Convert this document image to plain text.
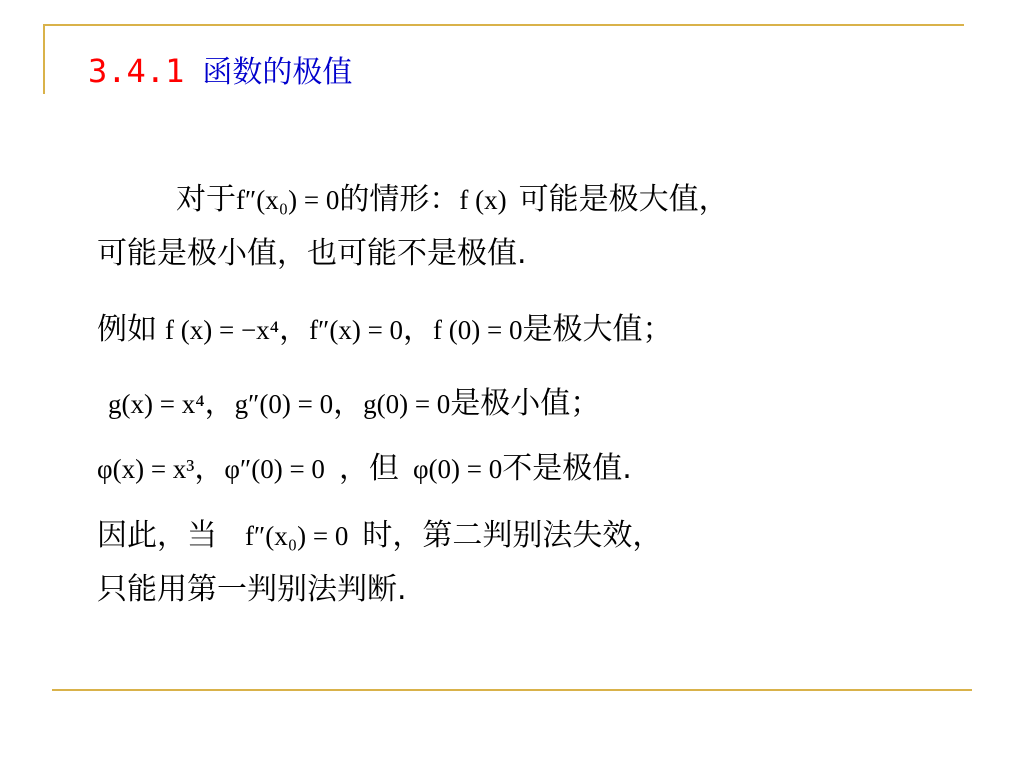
3.4.1 函数的极值
对于f″(x₀) = 0的情形：f (x) 可能是极大值，
可能是极小值，也可能不是极值.
例如 f (x) = −x⁴，f″(x) = 0，f (0) = 0是极大值；
g(x) = x⁴，g″(0) = 0，g(0) = 0是极小值；
φ(x) = x³，φ″(0) = 0 ，但 φ(0) = 0不是极值.
因此，当 f″(x₀) = 0 时，第二判别法失效，
只能用第一判别法判断.
